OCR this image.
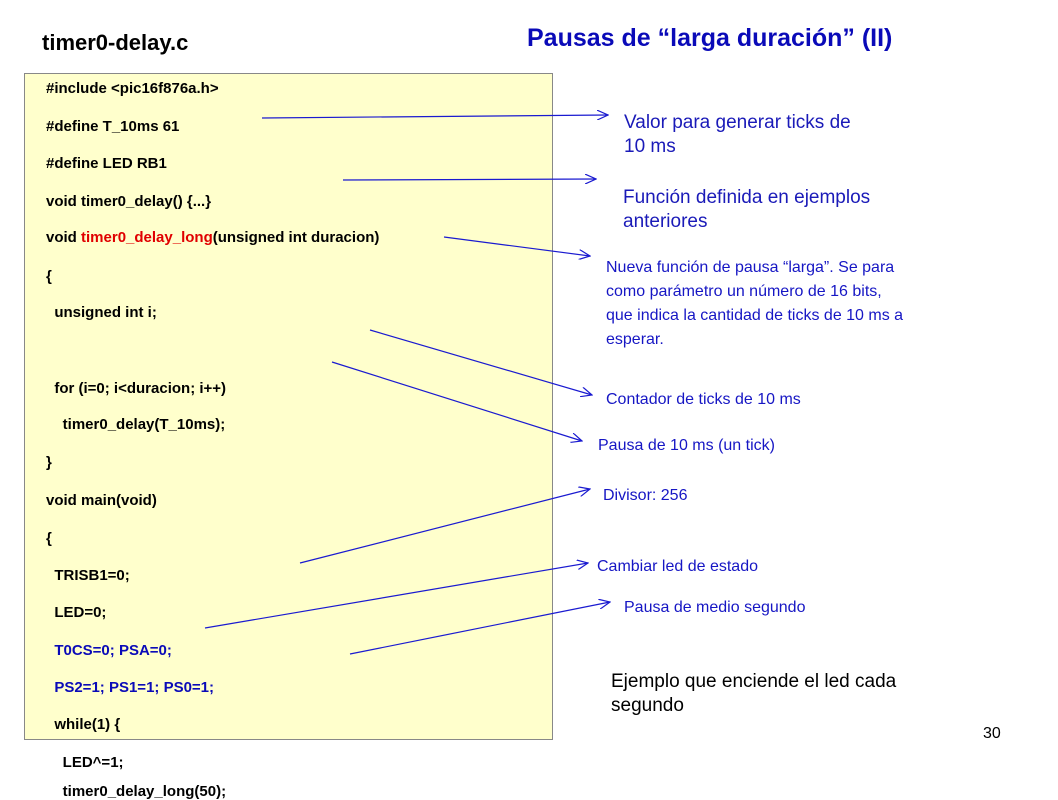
timer0-delay.c	Pausas de “larga duración” (II)
#include <pic16f876a.h>
#define T_10ms 61
#define LED RB1
void timer0_delay() {...}
void timer0_delay_long(unsigned int duracion)
{
unsigned int i;
for (i=0; i<duracion; i++)
timer0_delay(T_10ms);
}
void main(void)
{
TRISB1=0;
LED=0;
T0CS=0; PSA=0;
PS2=1; PS1=1; PS0=1;
while(1) {
LED^=1;
timer0_delay_long(50);
Valor para generar ticks de
10 ms
Función definida en ejemplos
anteriores
Nueva función de pausa “larga”. Se para
como parámetro un número de 16 bits,
que indica la cantidad de ticks de 10 ms a
esperar.
Contador de ticks de 10 ms
Pausa de 10 ms (un tick)
Divisor: 256
Cambiar led de estado
Pausa de medio segundo
Ejemplo que enciende el led cada
segundo
30
